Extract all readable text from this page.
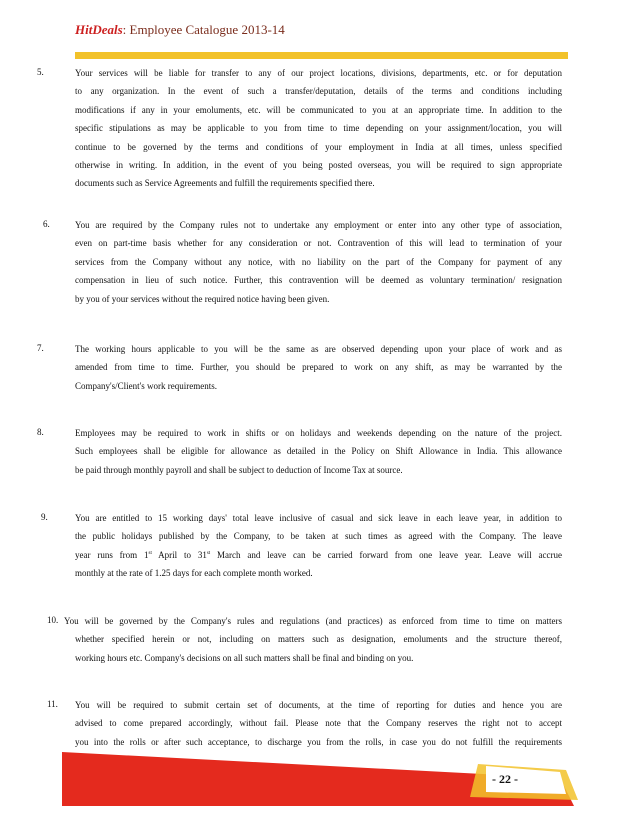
HitDeals: Employee Catalogue 2013-14
5.	Your services will be liable for transfer to any of our project locations, divisions, departments, etc. or for deputation
to any organization. In the event of such a transfer/deputation, details of the terms and conditions including
modifications if any in your emoluments, etc. will be communicated to you at an appropriate time. In addition to the
specific stipulations as may be applicable to you from time to time depending on your assignment/location, you will
continue to be governed by the terms and conditions of your employment in India at all times, unless specified
otherwise in writing. In addition, in the event of you being posted overseas, you will be required to sign appropriate
documents such as Service Agreements and fulfill the requirements specified there.
6.	You are required by the Company rules not to undertake any employment or enter into any other type of association,
even on part-time basis whether for any consideration or not. Contravention of this will lead to termination of your
services from the Company without any notice, with no liability on the part of the Company for payment of any
compensation in lieu of such notice. Further, this contravention will be deemed as voluntary termination/ resignation
by you of your services without the required notice having been given.
7.	The working hours applicable to you will be the same as are observed depending upon your place of work and as
amended from time to time. Further, you should be prepared to work on any shift, as may be warranted by the
Company's/Client's work requirements.
8.	Employees may be required to work in shifts or on holidays and weekends depending on the nature of the project.
Such employees shall be eligible for allowance as detailed in the Policy on Shift Allowance in India. This allowance
be paid through monthly payroll and shall be subject to deduction of Income Tax at source.
9.	You are entitled to 15 working days' total leave inclusive of casual and sick leave in each leave year, in addition to
the public holidays published by the Company, to be taken at such times as agreed with the Company. The leave
year runs from 1st April to 31st March and leave can be carried forward from one leave year. Leave will accrue
monthly at the rate of 1.25 days for each complete month worked.
10. You will be governed by the Company's rules and regulations (and practices) as enforced from time to time on matters
whether specified herein or not, including on matters such as designation, emoluments and the structure thereof,
working hours etc. Company's decisions on all such matters shall be final and binding on you.
11. You will be required to submit certain set of documents, at the time of reporting for duties and hence you are
advised to come prepared accordingly, without fail. Please note that the Company reserves the right not to accept
you into the rolls or after such acceptance, to discharge you from the rolls, in case you do not fulfill the requirements
- 22 -
